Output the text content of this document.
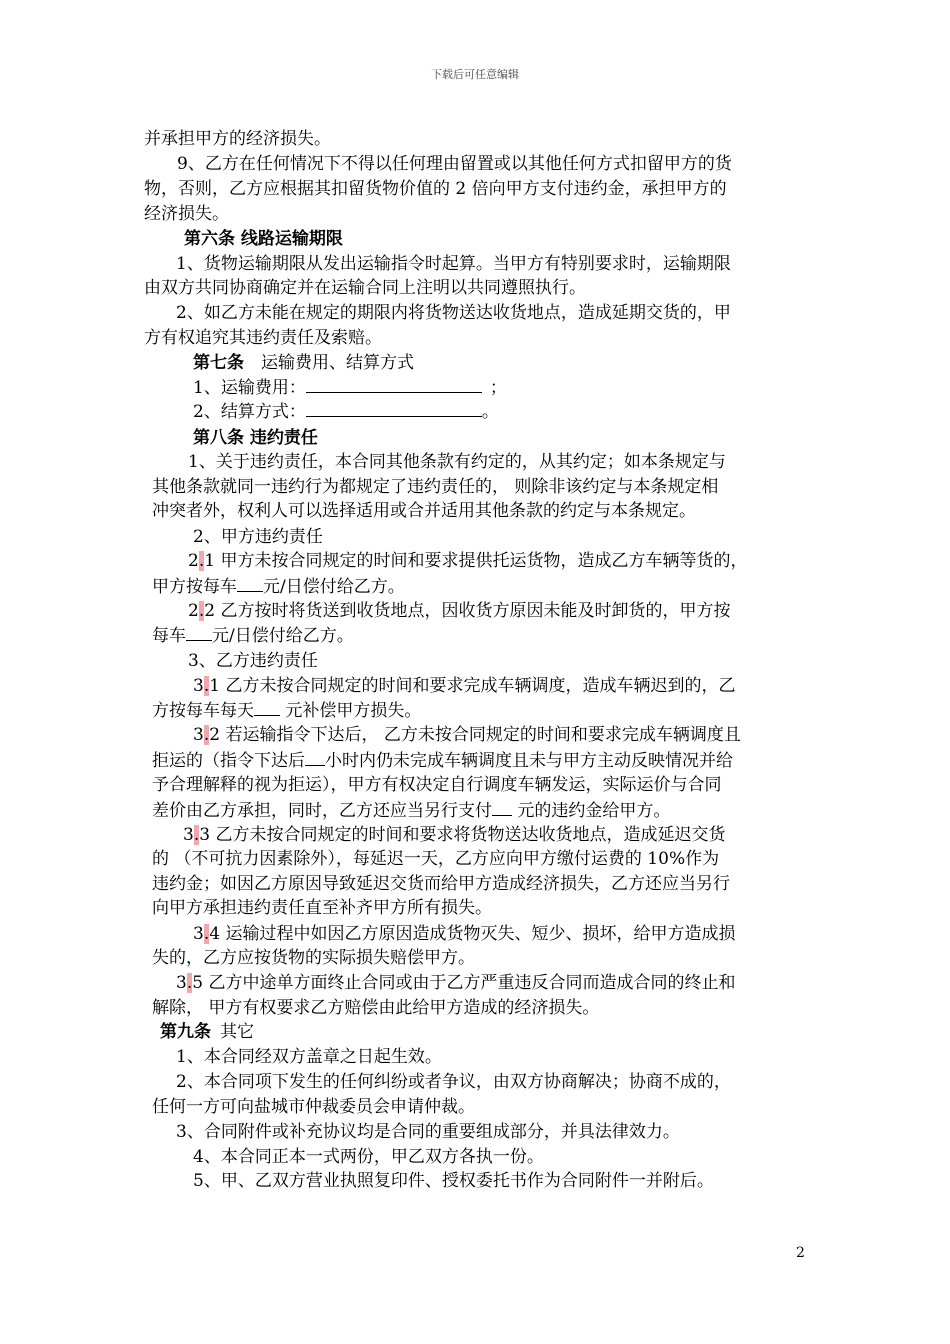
下载后可任意编辑
并承担甲方的经济损失。
9、乙方在任何情况下不得以任何理由留置或以其他任何方式扣留甲方的货
物，否则，乙方应根据其扣留货物价值的 2 倍向甲方支付违约金，承担甲方的
经济损失。
第六条 线路运输期限
1、货物运输期限从发出运输指令时起算。当甲方有特别要求时，运输期限
由双方共同协商确定并在运输合同上注明以共同遵照执行。
2、如乙方未能在规定的期限内将货物送达收货地点，造成延期交货的，甲
方有权追究其违约责任及索赔。
第七条 运输费用、结算方式
1、运输费用：	；
2、结算方式：	。
第八条 违约责任
1、关于违约责任，本合同其他条款有约定的，从其约定；如本条规定与
其他条款就同一违约行为都规定了违约责任的， 则除非该约定与本条规定相
冲突者外，权利人可以选择适用或合并适用其他条款的约定与本条规定。
2、甲方违约责任
2.1 甲方未按合同规定的时间和要求提供托运货物，造成乙方车辆等货的，
甲方按每车 元/日偿付给乙方。
2.2 乙方按时将货送到收货地点，因收货方原因未能及时卸货的，甲方按
每车 元/日偿付给乙方。
3、乙方违约责任
3.1 乙方未按合同规定的时间和要求完成车辆调度，造成车辆迟到的，乙
方按每车每天 元补偿甲方损失。
3.2 若运输指令下达后， 乙方未按合同规定的时间和要求完成车辆调度且
拒运的（指令下达后 小时内仍未完成车辆调度且未与甲方主动反映情况并给
予合理解释的视为拒运），甲方有权决定自行调度车辆发运，实际运价与合同
差价由乙方承担，同时，乙方还应当另行支付 元的违约金给甲方。
3.3 乙方未按合同规定的时间和要求将货物送达收货地点，造成延迟交货
的 （不可抗力因素除外），每延迟一天，乙方应向甲方缴付运费的 10%作为
违约金；如因乙方原因导致延迟交货而给甲方造成经济损失，乙方还应当另行
向甲方承担违约责任直至补齐甲方所有损失。
3.4 运输过程中如因乙方原因造成货物灭失、短少、损坏，给甲方造成损
失的，乙方应按货物的实际损失赔偿甲方。
3.5 乙方中途单方面终止合同或由于乙方严重违反合同而造成合同的终止和
解除， 甲方有权要求乙方赔偿由此给甲方造成的经济损失。
第九条 其它
1、本合同经双方盖章之日起生效。
2、本合同项下发生的任何纠纷或者争议，由双方协商解决；协商不成的，
任何一方可向盐城市仲裁委员会申请仲裁。
3、合同附件或补充协议均是合同的重要组成部分，并具法律效力。
4、本合同正本一式两份，甲乙双方各执一份。
5、甲、乙双方营业执照复印件、授权委托书作为合同附件一并附后。
2
